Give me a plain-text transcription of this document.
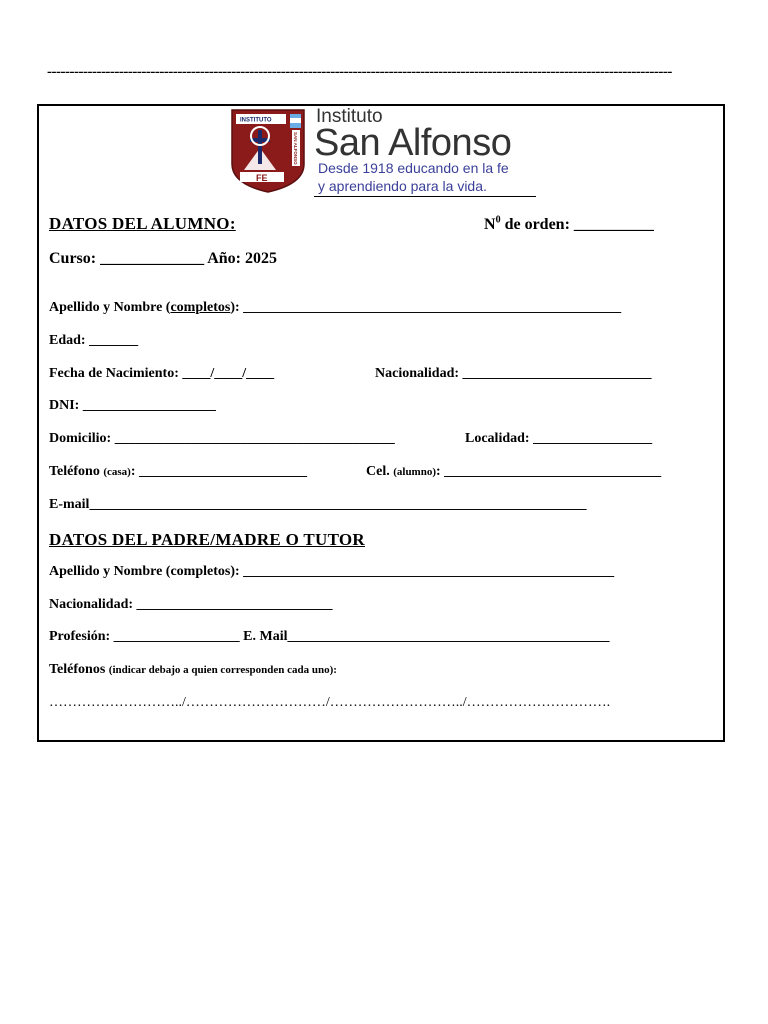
-------------------------------------------------------------------------------------------------------------------------------------------
INSTITUTO
FE
SAN ALFONSO
Instituto
San Alfonso
Desde 1918 educando en la fe
y aprendiendo para la vida.
DATOS DEL ALUMNO:	$N^0$ de orden: __________
Curso: _____________ Año: 2025
Apellido y Nombre (completos): ______________________________________________________
Edad: _______
Fecha de Nacimiento: ____/____/____	Nacionalidad: ___________________________
DNI: ___________________
Domicilio: ________________________________________	Localidad: _________________
Teléfono (casa): ________________________	Cel. (alumno): _______________________________
E-mail_______________________________________________________________________
DATOS DEL PADRE/MADRE O TUTOR
Apellido y Nombre (completos): _____________________________________________________
Nacionalidad: ____________________________
Profesión: __________________ E. Mail______________________________________________
Teléfonos (indicar debajo a quien corresponden cada uno):
………………………../…………………………/………………………../………………………….
